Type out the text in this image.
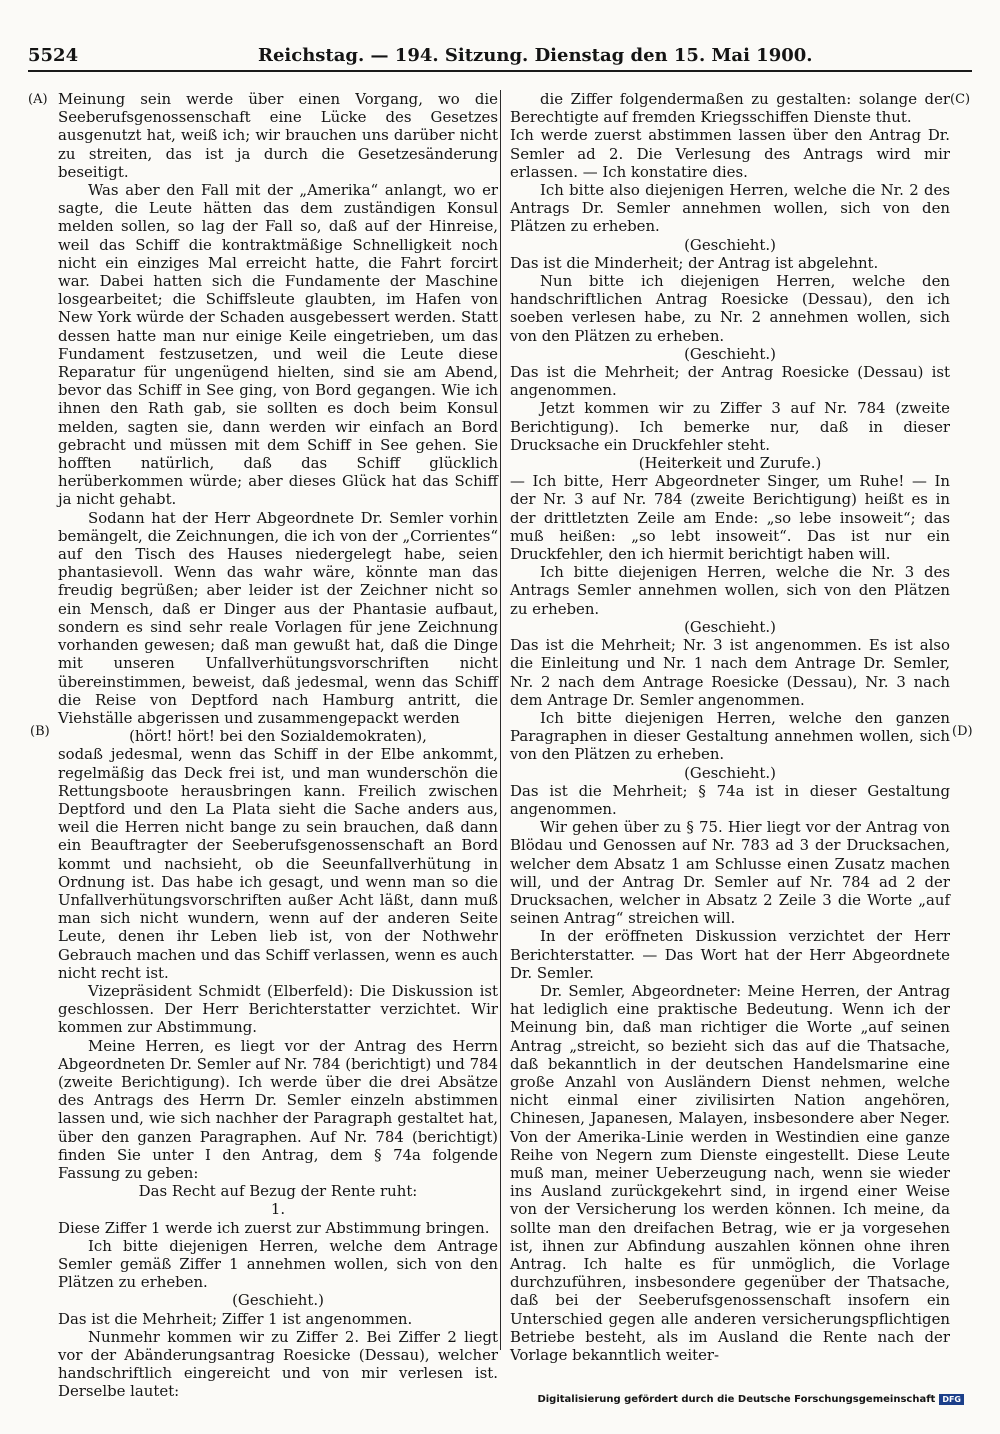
5524	Reichstag. — 194. Sitzung. Dienstag den 15. Mai 1900.
(A)
(B)
(C)
(D)

Meinung sein werde über einen Vorgang, wo die Seeberufsgenossenschaft eine Lücke des Gesetzes ausgenutzt hat, weiß ich; wir brauchen uns darüber nicht zu streiten, das ist ja durch die Gesetzesänderung beseitigt.

Was aber den Fall mit der „Amerika“ anlangt, wo er sagte, die Leute hätten das dem zuständigen Konsul melden sollen, so lag der Fall so, daß auf der Hinreise, weil das Schiff die kontraktmäßige Schnelligkeit noch nicht ein einziges Mal erreicht hatte, die Fahrt forcirt war. Dabei hatten sich die Fundamente der Maschine losgearbeitet; die Schiffsleute glaubten, im Hafen von New York würde der Schaden ausgebessert werden. Statt dessen hatte man nur einige Keile eingetrieben, um das Fundament festzusetzen, und weil die Leute diese Reparatur für ungenügend hielten, sind sie am Abend, bevor das Schiff in See ging, von Bord gegangen. Wie ich ihnen den Rath gab, sie sollten es doch beim Konsul melden, sagten sie, dann werden wir einfach an Bord gebracht und müssen mit dem Schiff in See gehen. Sie hofften natürlich, daß das Schiff glücklich herüberkommen würde; aber dieses Glück hat das Schiff ja nicht gehabt.

Sodann hat der Herr Abgeordnete Dr. Semler vorhin bemängelt, die Zeichnungen, die ich von der „Corrientes“ auf den Tisch des Hauses niedergelegt habe, seien phantasievoll. Wenn das wahr wäre, könnte man das freudig begrüßen; aber leider ist der Zeichner nicht so ein Mensch, daß er Dinger aus der Phantasie aufbaut, sondern es sind sehr reale Vorlagen für jene Zeichnung vorhanden gewesen; daß man gewußt hat, daß die Dinge mit unseren Unfallverhütungsvorschriften nicht übereinstimmen, beweist, daß jedesmal, wenn das Schiff die Reise von Deptford nach Hamburg antritt, die Viehställe abgerissen und zusammengepackt werden

(hört! hört! bei den Sozialdemokraten),

sodaß jedesmal, wenn das Schiff in der Elbe ankommt, regelmäßig das Deck frei ist, und man wunderschön die Rettungsboote herausbringen kann. Freilich zwischen Deptford und den La Plata sieht die Sache anders aus, weil die Herren nicht bange zu sein brauchen, daß dann ein Beauftragter der Seeberufsgenossenschaft an Bord kommt und nachsieht, ob die Seeunfallverhütung in Ordnung ist. Das habe ich gesagt, und wenn man so die Unfallverhütungsvorschriften außer Acht läßt, dann muß man sich nicht wundern, wenn auf der anderen Seite Leute, denen ihr Leben lieb ist, von der Nothwehr Gebrauch machen und das Schiff verlassen, wenn es auch nicht recht ist.

Vizepräsident Schmidt (Elberfeld): Die Diskussion ist geschlossen. Der Herr Berichterstatter verzichtet. Wir kommen zur Abstimmung.

Meine Herren, es liegt vor der Antrag des Herrn Abgeordneten Dr. Semler auf Nr. 784 (berichtigt) und 784 (zweite Berichtigung). Ich werde über die drei Absätze des Antrags des Herrn Dr. Semler einzeln abstimmen lassen und, wie sich nachher der Paragraph gestaltet hat, über den ganzen Paragraphen. Auf Nr. 784 (berichtigt) finden Sie unter I den Antrag, dem § 74a folgende Fassung zu geben:

Das Recht auf Bezug der Rente ruht:

1.

Diese Ziffer 1 werde ich zuerst zur Abstimmung bringen.

Ich bitte diejenigen Herren, welche dem Antrage Semler gemäß Ziffer 1 annehmen wollen, sich von den Plätzen zu erheben.

(Geschieht.)

Das ist die Mehrheit; Ziffer 1 ist angenommen.

Nunmehr kommen wir zu Ziffer 2. Bei Ziffer 2 liegt vor der Abänderungsantrag Roesicke (Dessau), welcher handschriftlich eingereicht und von mir verlesen ist. Derselbe lautet:

die Ziffer folgendermaßen zu gestalten: solange der Berechtigte auf fremden Kriegsschiffen Dienste thut.

Ich werde zuerst abstimmen lassen über den Antrag Dr. Semler ad 2. Die Verlesung des Antrags wird mir erlassen. — Ich konstatire dies.

Ich bitte also diejenigen Herren, welche die Nr. 2 des Antrags Dr. Semler annehmen wollen, sich von den Plätzen zu erheben.

(Geschieht.)

Das ist die Minderheit; der Antrag ist abgelehnt.

Nun bitte ich diejenigen Herren, welche den handschriftlichen Antrag Roesicke (Dessau), den ich soeben verlesen habe, zu Nr. 2 annehmen wollen, sich von den Plätzen zu erheben.

(Geschieht.)

Das ist die Mehrheit; der Antrag Roesicke (Dessau) ist angenommen.

Jetzt kommen wir zu Ziffer 3 auf Nr. 784 (zweite Berichtigung). Ich bemerke nur, daß in dieser Drucksache ein Druckfehler steht.

(Heiterkeit und Zurufe.)

— Ich bitte, Herr Abgeordneter Singer, um Ruhe! — In der Nr. 3 auf Nr. 784 (zweite Berichtigung) heißt es in der drittletzten Zeile am Ende: „so lebe insoweit“; das muß heißen: „so lebt insoweit“. Das ist nur ein Druckfehler, den ich hiermit berichtigt haben will.

Ich bitte diejenigen Herren, welche die Nr. 3 des Antrags Semler annehmen wollen, sich von den Plätzen zu erheben.

(Geschieht.)

Das ist die Mehrheit; Nr. 3 ist angenommen. Es ist also die Einleitung und Nr. 1 nach dem Antrage Dr. Semler, Nr. 2 nach dem Antrage Roesicke (Dessau), Nr. 3 nach dem Antrage Dr. Semler angenommen.

Ich bitte diejenigen Herren, welche den ganzen Paragraphen in dieser Gestaltung annehmen wollen, sich von den Plätzen zu erheben.

(Geschieht.)

Das ist die Mehrheit; § 74a ist in dieser Gestaltung angenommen.

Wir gehen über zu § 75. Hier liegt vor der Antrag von Blödau und Genossen auf Nr. 783 ad 3 der Drucksachen, welcher dem Absatz 1 am Schlusse einen Zusatz machen will, und der Antrag Dr. Semler auf Nr. 784 ad 2 der Drucksachen, welcher in Absatz 2 Zeile 3 die Worte „auf seinen Antrag“ streichen will.

In der eröffneten Diskussion verzichtet der Herr Berichterstatter. — Das Wort hat der Herr Abgeordnete Dr. Semler.

Dr. Semler, Abgeordneter: Meine Herren, der Antrag hat lediglich eine praktische Bedeutung. Wenn ich der Meinung bin, daß man richtiger die Worte „auf seinen Antrag „streicht, so bezieht sich das auf die Thatsache, daß bekanntlich in der deutschen Handelsmarine eine große Anzahl von Ausländern Dienst nehmen, welche nicht einmal einer zivilisirten Nation angehören, Chinesen, Japanesen, Malayen, insbesondere aber Neger. Von der Amerika-Linie werden in Westindien eine ganze Reihe von Negern zum Dienste eingestellt. Diese Leute muß man, meiner Ueberzeugung nach, wenn sie wieder ins Ausland zurückgekehrt sind, in irgend einer Weise von der Versicherung los werden können. Ich meine, da sollte man den dreifachen Betrag, wie er ja vorgesehen ist, ihnen zur Abfindung auszahlen können ohne ihren Antrag. Ich halte es für unmöglich, die Vorlage durchzuführen, insbesondere gegenüber der Thatsache, daß bei der Seeberufsgenossenschaft insofern ein Unterschied gegen alle anderen versicherungspflichtigen Betriebe besteht, als im Ausland die Rente nach der Vorlage bekanntlich weiter-

Digitalisierung gefördert durch die Deutsche Forschungsgemeinschaft DFG
